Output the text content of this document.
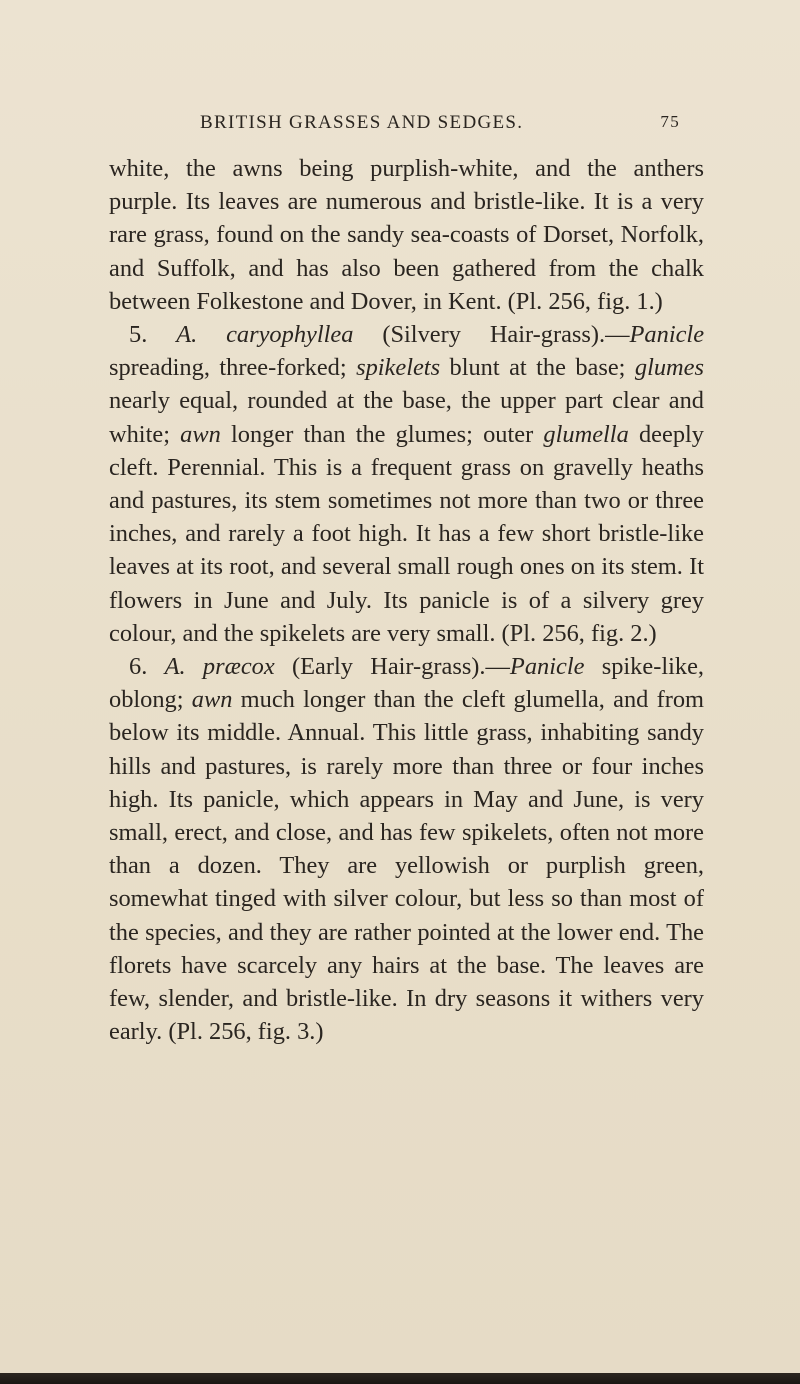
BRITISH GRASSES AND SEDGES.	75

white, the awns being purplish-white, and the anthers purple. Its leaves are numerous and bristle-like. It is a very rare grass, found on the sandy sea-coasts of Dorset, Norfolk, and Suffolk, and has also been gathered from the chalk between Folkestone and Dover, in Kent. (Pl. 256, fig. 1.)

5. A. caryophyllea (Silvery Hair-grass).—Panicle spreading, three-forked; spikelets blunt at the base; glumes nearly equal, rounded at the base, the upper part clear and white; awn longer than the glumes; outer glumella deeply cleft. Perennial. This is a frequent grass on gravelly heaths and pastures, its stem sometimes not more than two or three inches, and rarely a foot high. It has a few short bristle-like leaves at its root, and several small rough ones on its stem. It flowers in June and July. Its panicle is of a silvery grey colour, and the spikelets are very small. (Pl. 256, fig. 2.)

6. A. præcox (Early Hair-grass).—Panicle spike-like, oblong; awn much longer than the cleft glumella, and from below its middle. Annual. This little grass, inhabiting sandy hills and pastures, is rarely more than three or four inches high. Its panicle, which appears in May and June, is very small, erect, and close, and has few spikelets, often not more than a dozen. They are yellowish or purplish green, somewhat tinged with silver colour, but less so than most of the species, and they are rather pointed at the lower end. The florets have scarcely any hairs at the base. The leaves are few, slender, and bristle-like. In dry seasons it withers very early. (Pl. 256, fig. 3.)
